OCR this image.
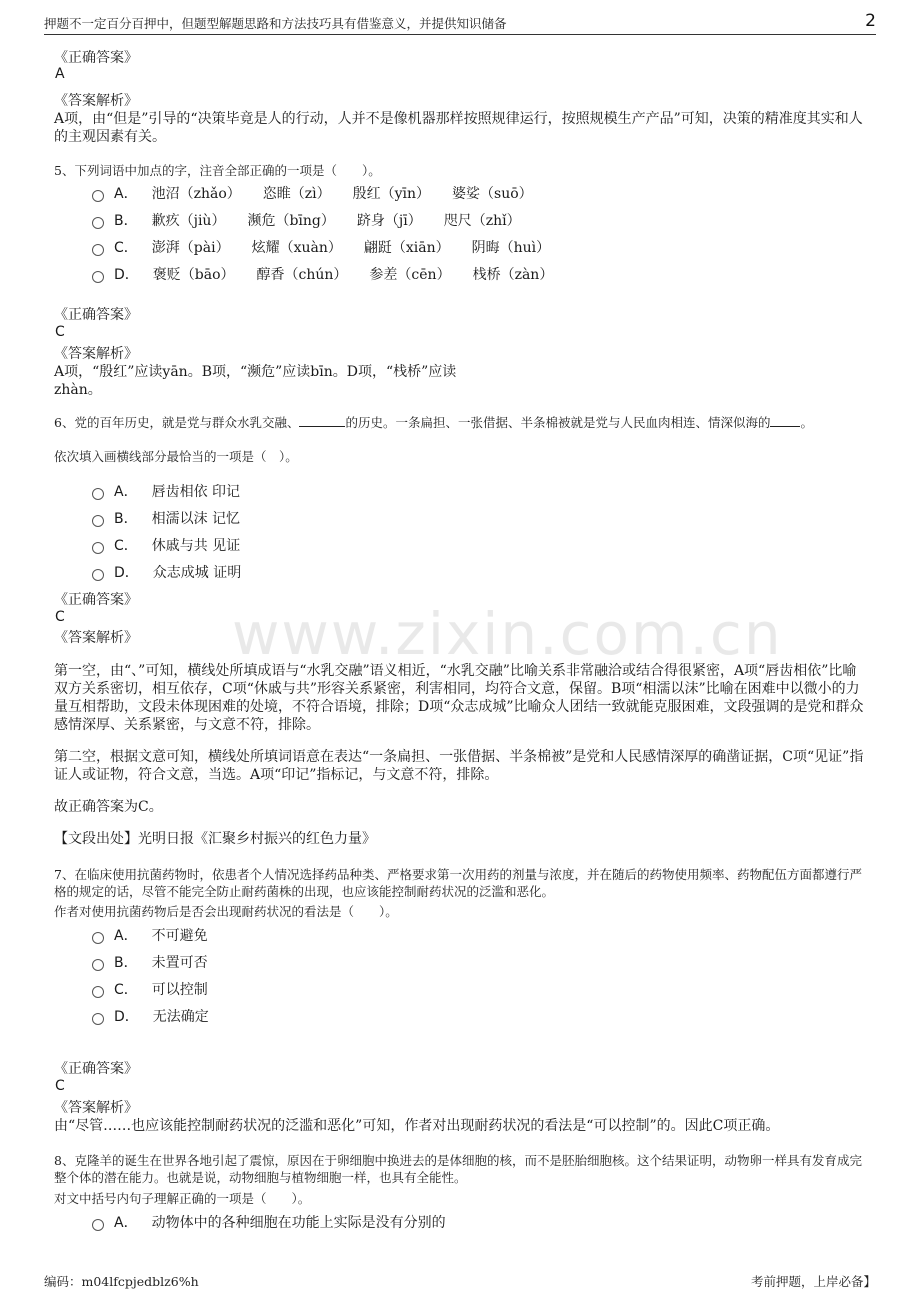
押题不一定百分百押中，但题型解题思路和方法技巧具有借鉴意义，并提供知识储备	2
www.zixin.com.cn
《正确答案》
A
《答案解析》
A项，由“但是”引导的“决策毕竟是人的行动，人并不是像机器那样按照规律运行，按照规模生产产品”可知，决策的精准度其实和人的主观因素有关。
5、下列词语中加点的字，注音全部正确的一项是（　　）。
A． 池沼（zhǎo） 恣睢（zì） 殷红（yīn） 婆娑（suō）
B． 歉疚（jiù） 濒危（bīng） 跻身（jī） 咫尺（zhǐ）
C． 澎湃（pài） 炫耀（xuàn） 翩跹（xiān） 阴晦（huì）
D． 褒贬（bāo） 醇香（chún） 参差（cēn） 栈桥（zàn）
《正确答案》
C
《答案解析》
A项，“殷红”应读yān。B项，“濒危”应读bīn。D项，“栈桥”应读
zhàn。
6、党的百年历史，就是党与群众水乳交融、	的历史。一条扁担、一张借据、半条棉被就是党与人民血肉相连、情深似海的 。
依次填入画横线部分最恰当的一项是（　）。
A． 唇齿相依 印记
B． 相濡以沫 记忆
C． 休戚与共 见证
D． 众志成城 证明
《正确答案》
C
《答案解析》
第一空，由“、”可知，横线处所填成语与“水乳交融”语义相近，“水乳交融”比喻关系非常融洽或结合得很紧密，A项“唇齿相依”比喻双方关系密切，相互依存，C项“休戚与共”形容关系紧密，利害相同，均符合文意，保留。B项“相濡以沫”比喻在困难中以微小的力量互相帮助，文段未体现困难的处境，不符合语境，排除；D项“众志成城”比喻众人团结一致就能克服困难，文段强调的是党和群众感情深厚、关系紧密，与文意不符，排除。
第二空，根据文意可知，横线处所填词语意在表达“一条扁担、一张借据、半条棉被”是党和人民感情深厚的确凿证据，C项“见证”指证人或证物，符合文意，当选。A项“印记”指标记，与文意不符，排除。
故正确答案为C。
【文段出处】光明日报《汇聚乡村振兴的红色力量》
7、在临床使用抗菌药物时，依患者个人情况选择药品种类、严格要求第一次用药的剂量与浓度，并在随后的药物使用频率、药物配伍方面都遵行严格的规定的话，尽管不能完全防止耐药菌株的出现，也应该能控制耐药状况的泛滥和恶化。
作者对使用抗菌药物后是否会出现耐药状况的看法是（　　）。
A． 不可避免
B． 未置可否
C． 可以控制
D． 无法确定
《正确答案》
C
《答案解析》
由“尽管……也应该能控制耐药状况的泛滥和恶化”可知，作者对出现耐药状况的看法是“可以控制”的。因此C项正确。
8、克隆羊的诞生在世界各地引起了震惊，原因在于卵细胞中换进去的是体细胞的核，而不是胚胎细胞核。这个结果证明，动物卵一样具有发育成完整个体的潜在能力。也就是说，动物细胞与植物细胞一样，也具有全能性。
对文中括号内句子理解正确的一项是（　　）。
A． 动物体中的各种细胞在功能上实际是没有分别的
编码：m04lfcpjedblz6%h	考前押题，上岸必备】
